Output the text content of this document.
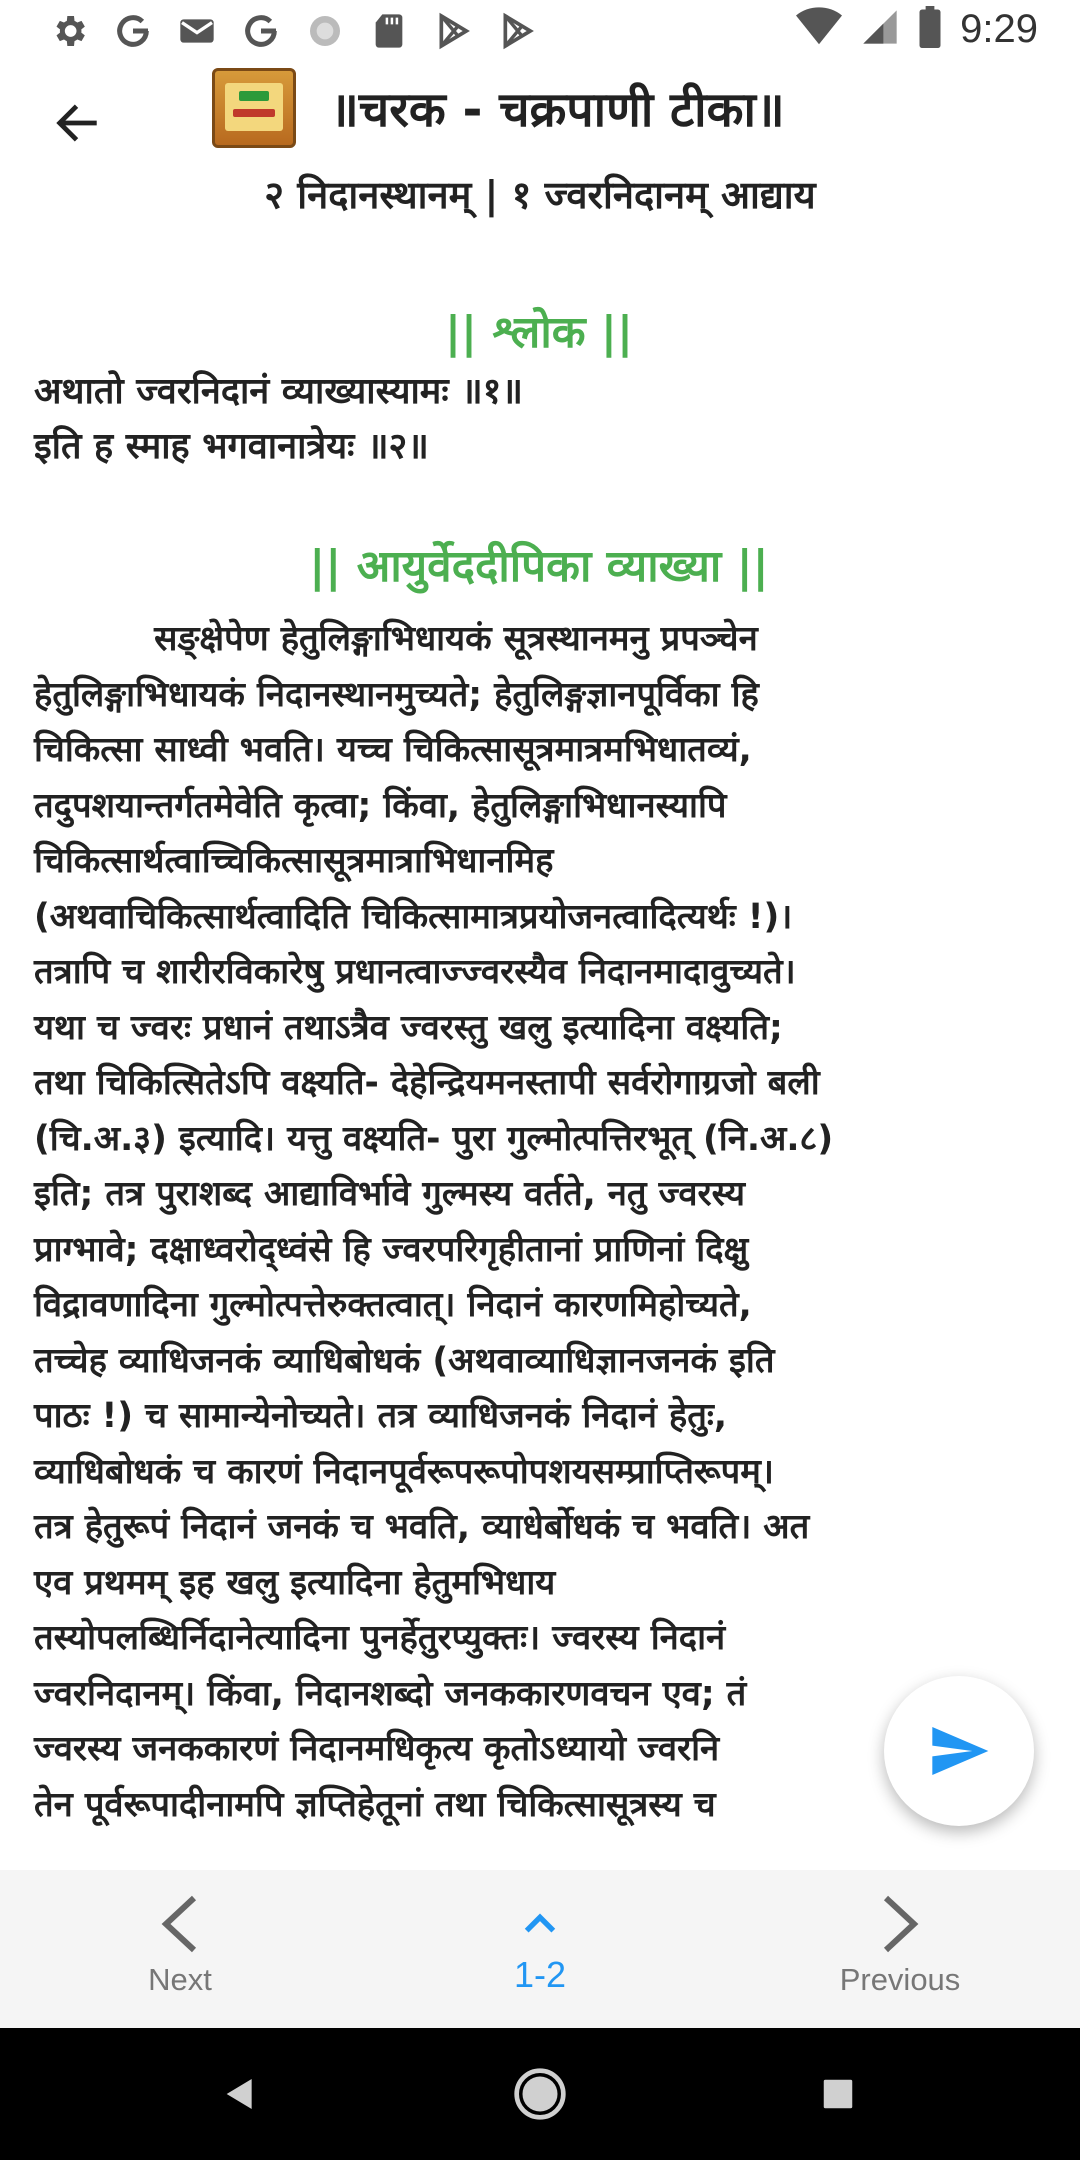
9:29
॥चरक - चक्रपाणी टीका॥
२ निदानस्थानम् | १ ज्वरनिदानम् आद्याय
|| श्लोक ||
अथातो ज्वरनिदानं व्याख्यास्यामः ॥१॥
इति ह स्माह भगवानात्रेयः ॥२॥
|| आयुर्वेददीपिका व्याख्या ||
सङ्क्षेपेण हेतुलिङ्गाभिधायकं सूत्रस्थानमनु प्रपञ्चेन
हेतुलिङ्गाभिधायकं निदानस्थानमुच्यते; हेतुलिङ्गज्ञानपूर्विका हि
चिकित्सा साध्वी भवति। यच्च चिकित्सासूत्रमात्रमभिधातव्यं,
तदुपशयान्तर्गतमेवेति कृत्वा; किंवा, हेतुलिङ्गाभिधानस्यापि
चिकित्सार्थत्वाच्चिकित्सासूत्रमात्राभिधानमिह
(अथवाचिकित्सार्थत्वादिति चिकित्सामात्रप्रयोजनत्वादित्यर्थः !)।
तत्रापि च शारीरविकारेषु प्रधानत्वाज्ज्वरस्यैव निदानमादावुच्यते।
यथा च ज्वरः प्रधानं तथाऽत्रैव ज्वरस्तु खलु इत्यादिना वक्ष्यति;
तथा चिकित्सितेऽपि वक्ष्यति- देहेन्द्रियमनस्तापी सर्वरोगाग्रजो बली
(चि.अ.३) इत्यादि। यत्तु वक्ष्यति- पुरा गुल्मोत्पत्तिरभूत् (नि.अ.८)
इति; तत्र पुराशब्द आद्याविर्भावे गुल्मस्य वर्तते, नतु ज्वरस्य
प्राग्भावे; दक्षाध्वरोद्ध्वंसे हि ज्वरपरिगृहीतानां प्राणिनां दिक्षु
विद्रावणादिना गुल्मोत्पत्तेरुक्तत्वात्। निदानं कारणमिहोच्यते,
तच्चेह व्याधिजनकं व्याधिबोधकं (अथवाव्याधिज्ञानजनकं इति
पाठः !) च सामान्येनोच्यते। तत्र व्याधिजनकं निदानं हेतुः,
व्याधिबोधकं च कारणं निदानपूर्वरूपरूपोपशयसम्प्राप्तिरूपम्।
तत्र हेतुरूपं निदानं जनकं च भवति, व्याधेर्बोधकं च भवति। अत
एव प्रथमम् इह खलु इत्यादिना हेतुमभिधाय
तस्योपलब्धिर्निदानेत्यादिना पुनर्हेतुरप्युक्तः। ज्वरस्य निदानं
ज्वरनिदानम्। किंवा, निदानशब्दो जनककारणवचन एव; तं
ज्वरस्य जनककारणं निदानमधिकृत्य कृतोऽध्यायो ज्वरनि
तेन पूर्वरूपादीनामपि ज्ञप्तिहेतूनां तथा चिकित्सासूत्रस्य च
Next	1-2	Previous
